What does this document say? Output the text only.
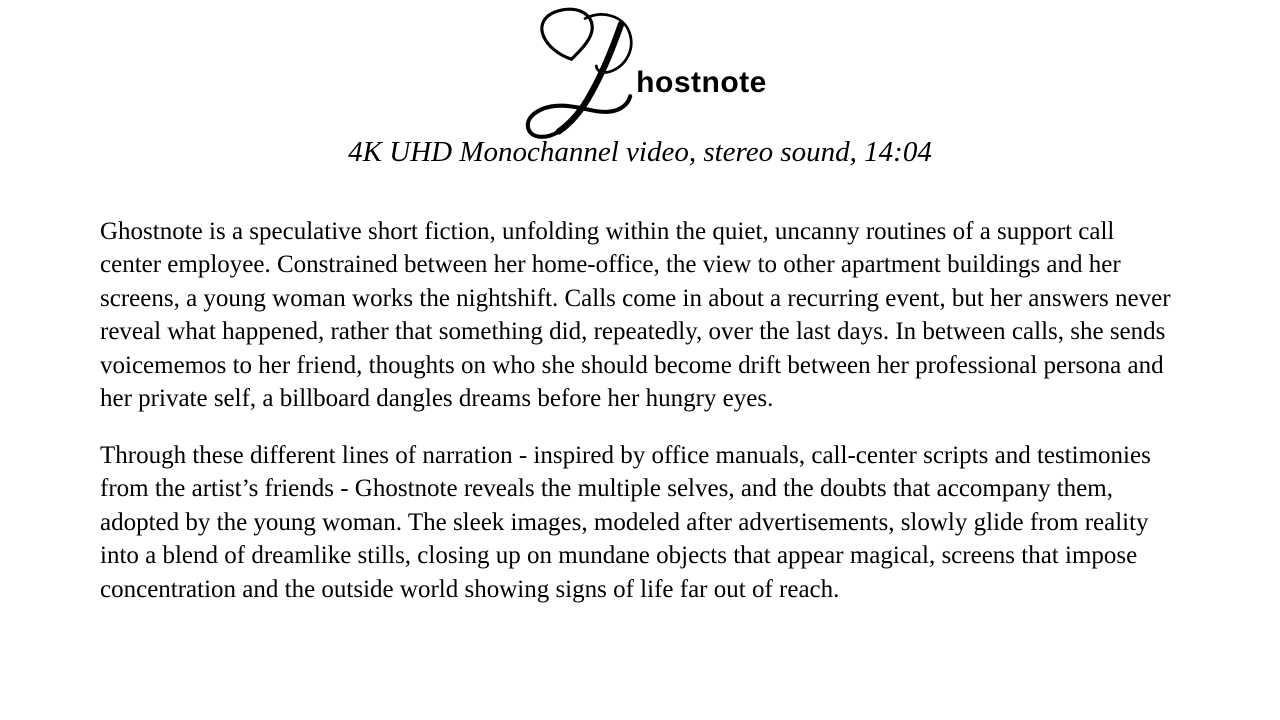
hostnote

4K UHD Monochannel video, stereo sound, 14:04

Ghostnote is a speculative short fiction, unfolding within the quiet, uncanny routines of a support call center employee. Constrained between her home-office, the view to other apartment buildings and her screens, a young woman works the nightshift. Calls come in about a recurring event, but her answers never reveal what happened, rather that something did, repeatedly, over the last days. In between calls, she sends voicememos to her friend, thoughts on who she should become drift between her professional persona and her private self, a billboard dangles dreams before her hungry eyes.

Through these different lines of narration - inspired by office manuals, call-center scripts and testimonies from the artist’s friends - Ghostnote reveals the multiple selves, and the doubts that accompany them, adopted by the young woman. The sleek images, modeled after advertisements, slowly glide from reality into a blend of dreamlike stills, closing up on mundane objects that appear magical, screens that impose concentration and the outside world showing signs of life far out of reach.
